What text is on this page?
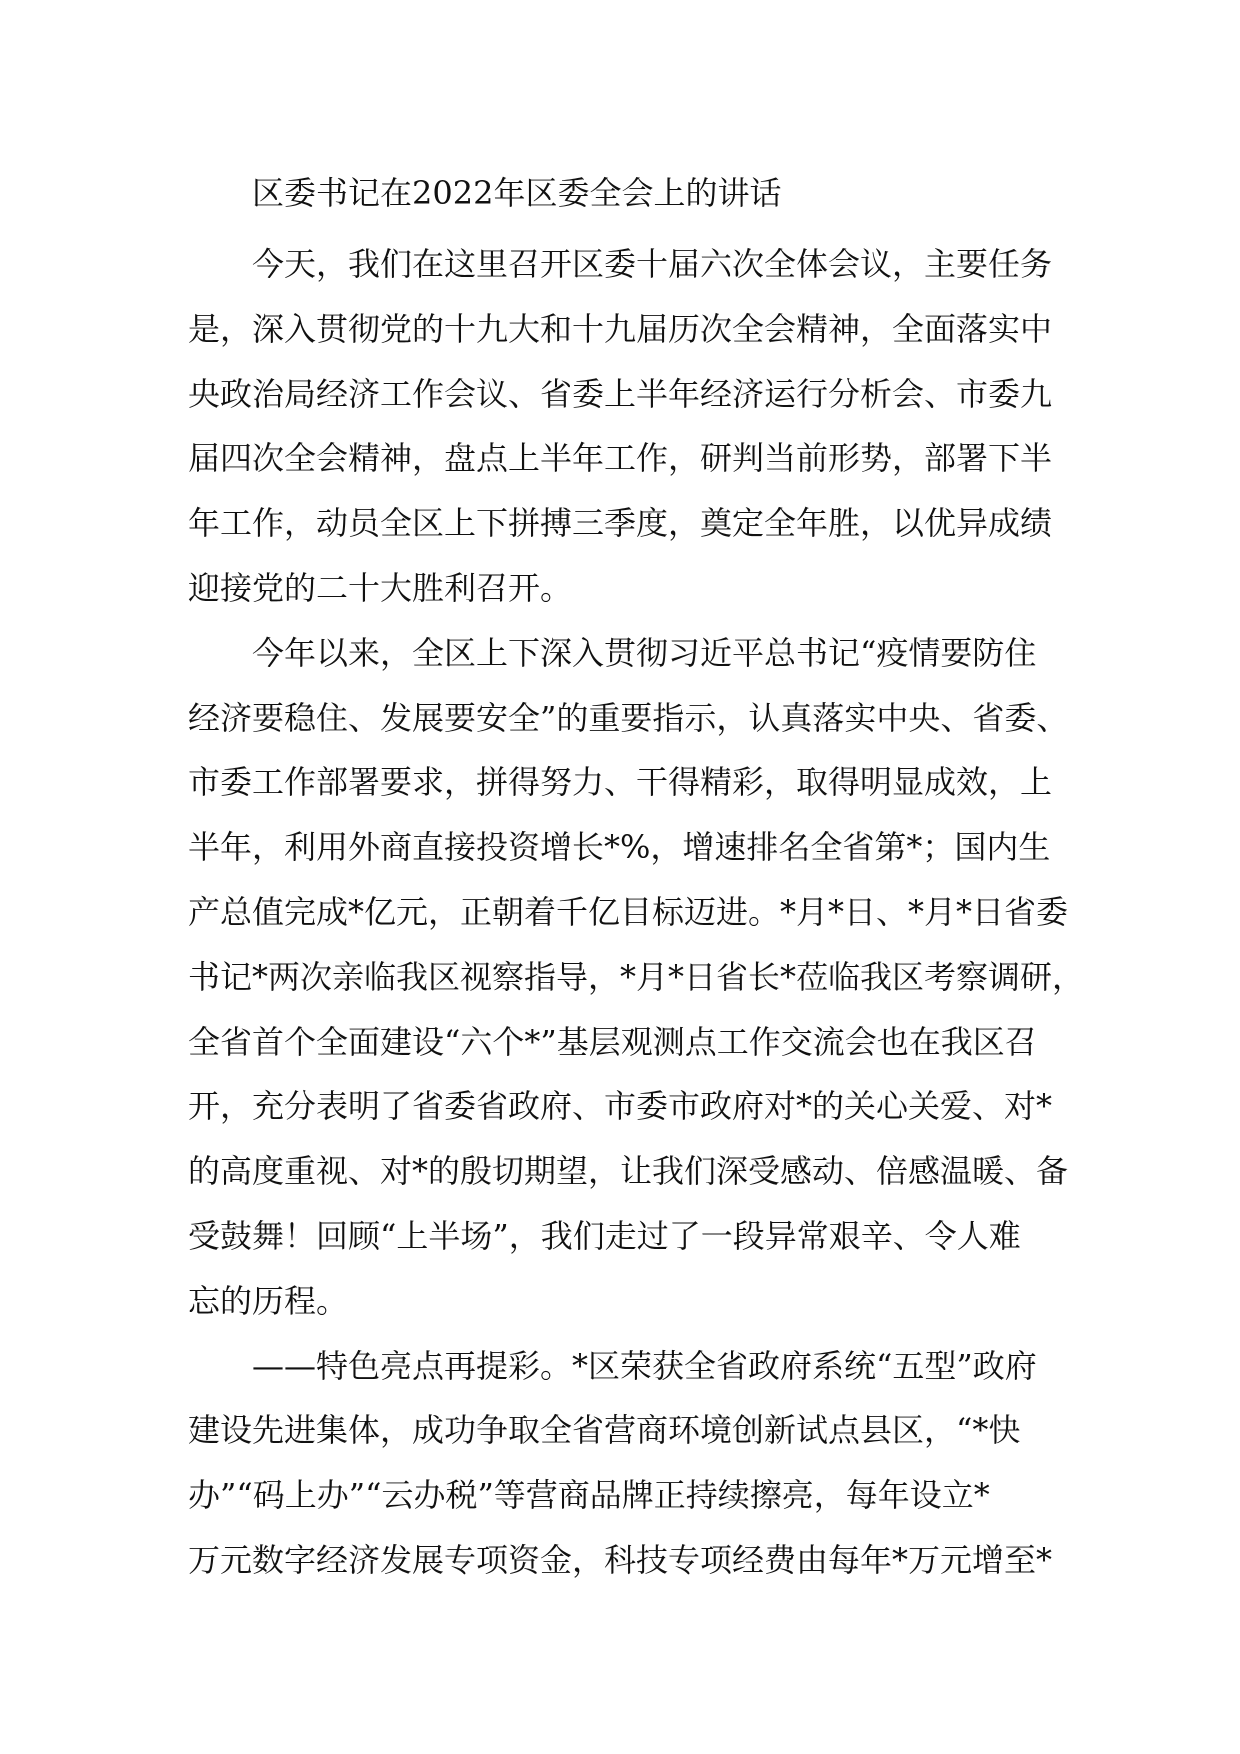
区委书记在2022年区委全会上的讲话
今天，我们在这里召开区委十届六次全体会议，主要任务
是，深入贯彻党的十九大和十九届历次全会精神，全面落实中
央政治局经济工作会议、省委上半年经济运行分析会、市委九
届四次全会精神，盘点上半年工作，研判当前形势，部署下半
年工作，动员全区上下拼搏三季度，奠定全年胜，以优异成绩
迎接党的二十大胜利召开。
今年以来，全区上下深入贯彻习近平总书记“疫情要防住
经济要稳住、发展要安全”的重要指示，认真落实中央、省委、
市委工作部署要求，拼得努力、干得精彩，取得明显成效，上
半年，利用外商直接投资增长*%，增速排名全省第*；国内生
产总值完成*亿元，正朝着千亿目标迈进。*月*日、*月*日省委
书记*两次亲临我区视察指导，*月*日省长*莅临我区考察调研，
全省首个全面建设“六个*”基层观测点工作交流会也在我区召
开，充分表明了省委省政府、市委市政府对*的关心关爱、对*
的高度重视、对*的殷切期望，让我们深受感动、倍感温暖、备
受鼓舞！回顾“上半场”，我们走过了一段异常艰辛、令人难
忘的历程。
——特色亮点再提彩。*区荣获全省政府系统“五型”政府
建设先进集体，成功争取全省营商环境创新试点县区，“*快
办”“码上办”“云办税”等营商品牌正持续擦亮，每年设立*
万元数字经济发展专项资金，科技专项经费由每年*万元增至*
